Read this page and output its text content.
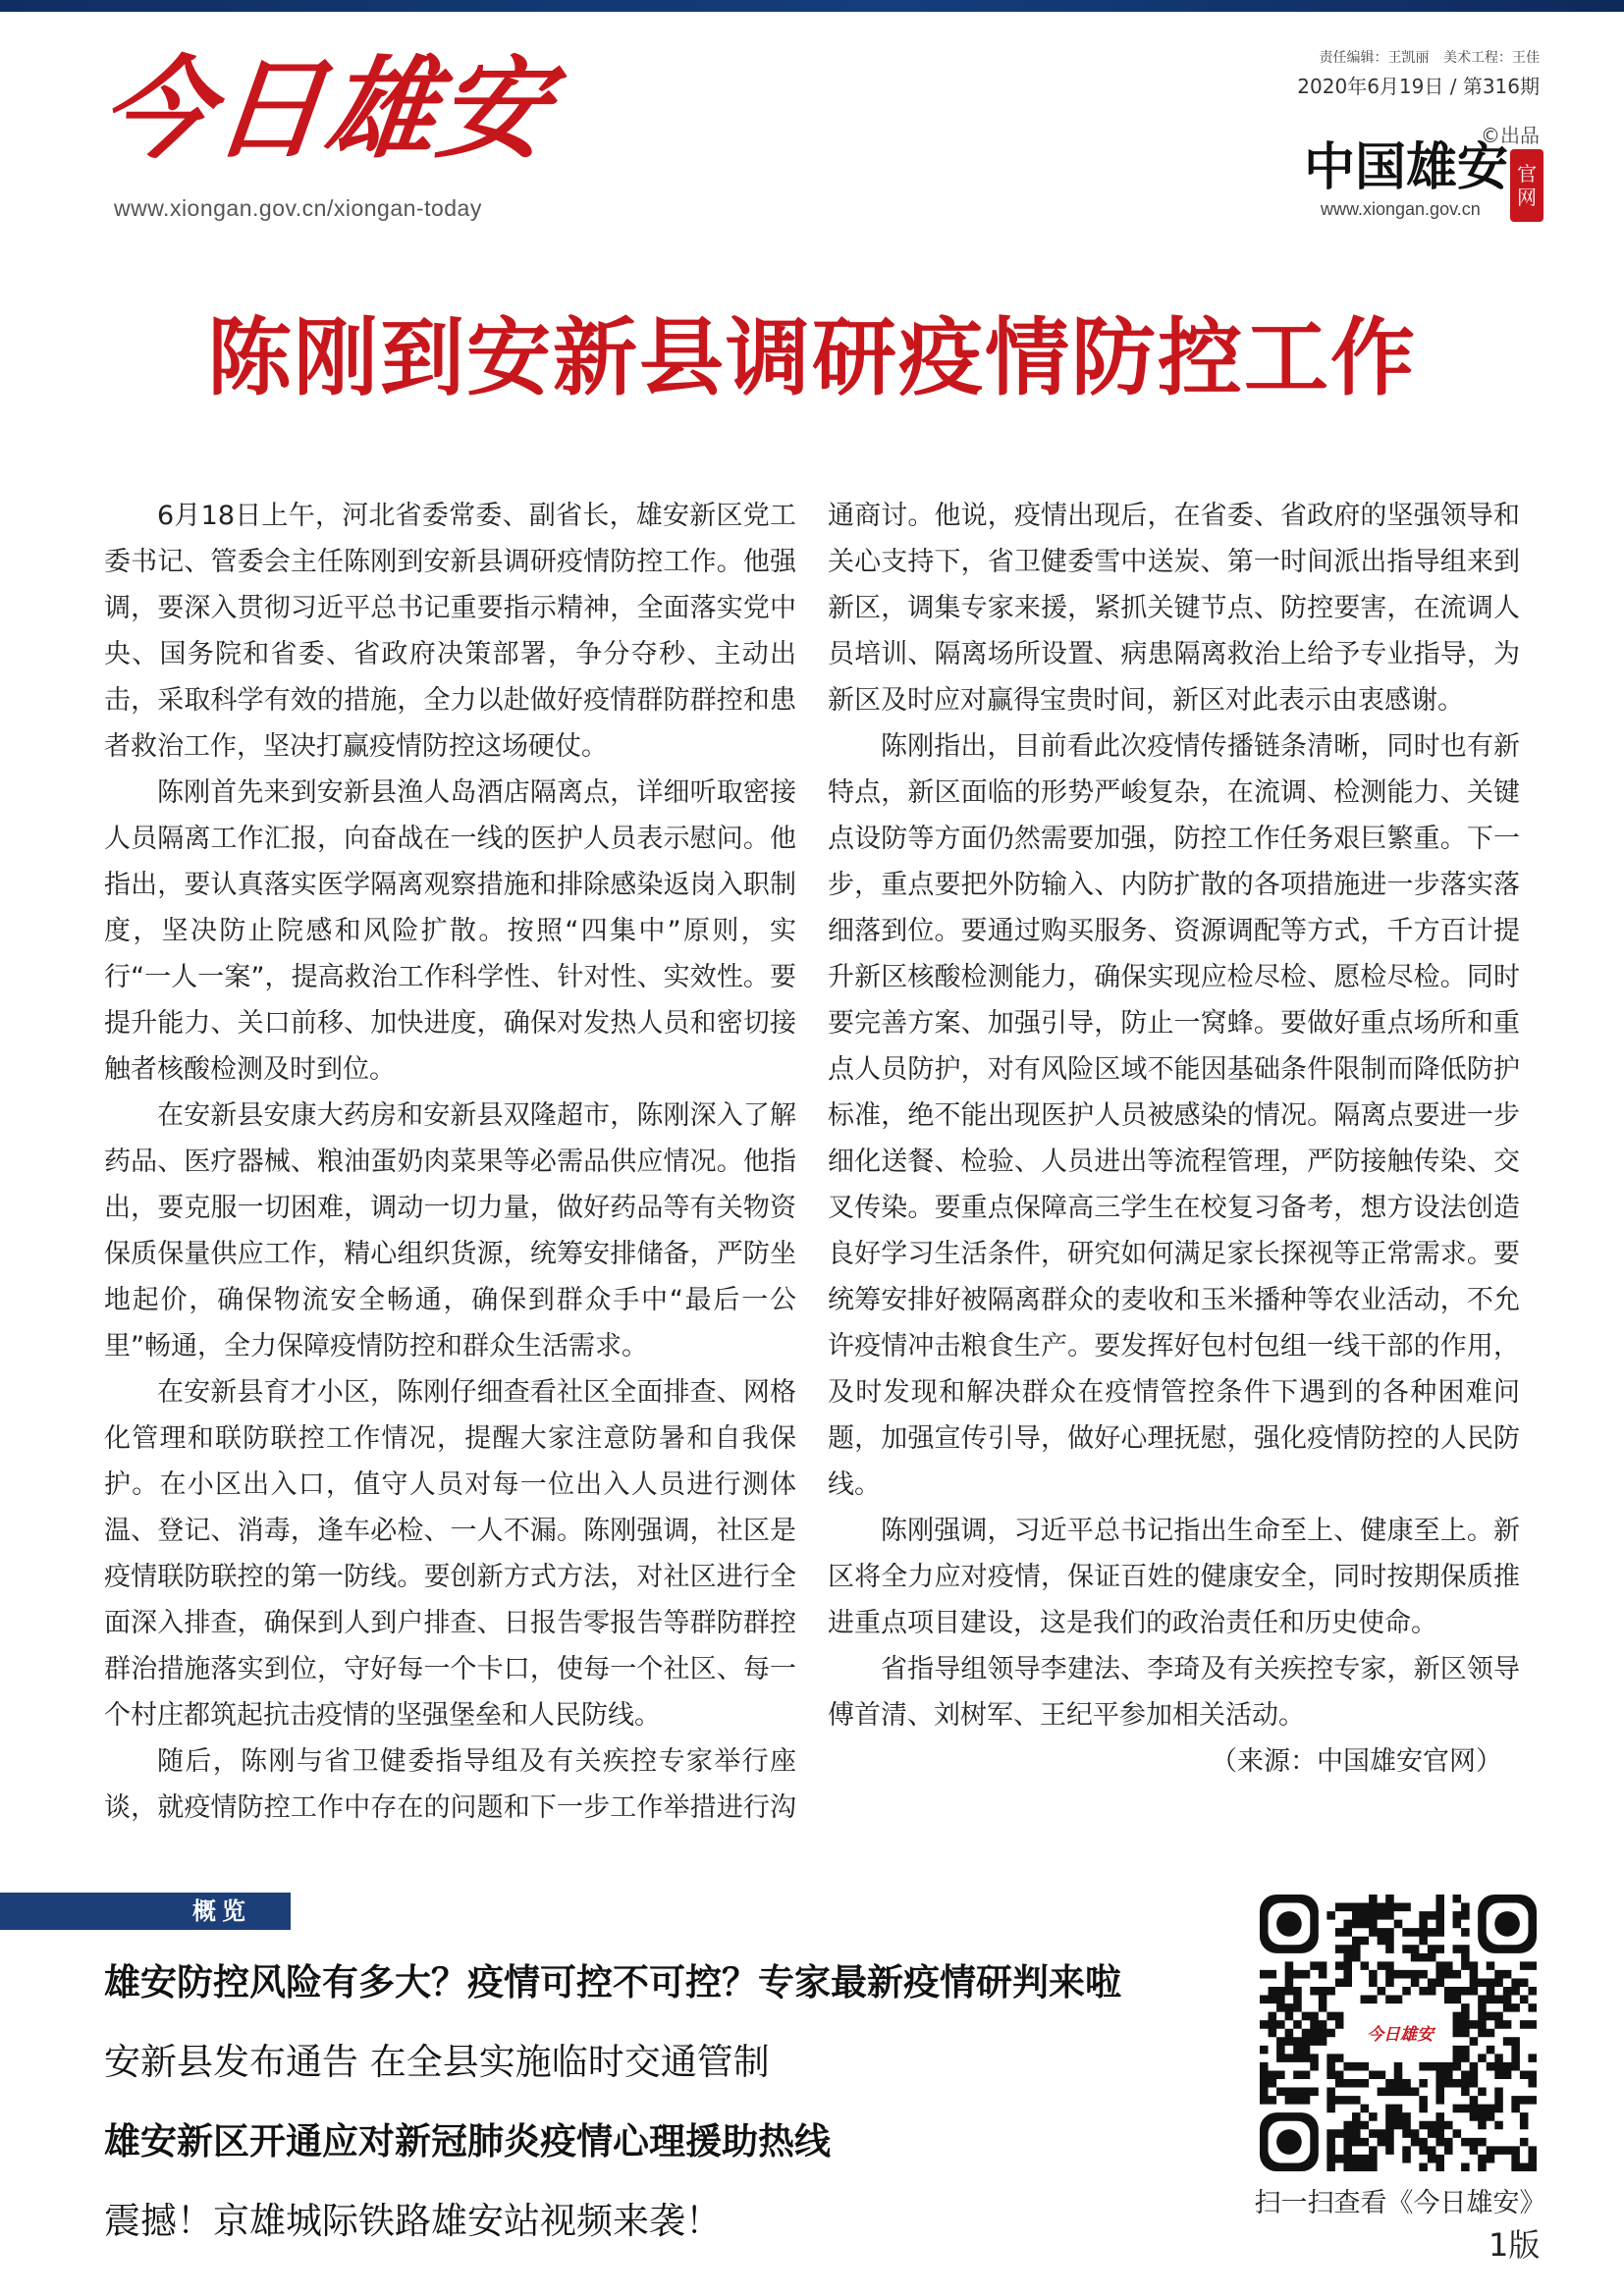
今日雄安
www.xiongan.gov.cn/xiongan-today
责任编辑：王凯丽 美术工程：王佳
2020年6月19日 / 第316期
©出品
中国雄安 官网
www.xiongan.gov.cn
陈刚到安新县调研疫情防控工作

6月18日上午，河北省委常委、副省长，雄安新区党工委书记、管委会主任陈刚到安新县调研疫情防控工作。他强调，要深入贯彻习近平总书记重要指示精神，全面落实党中央、国务院和省委、省政府决策部署，争分夺秒、主动出击，采取科学有效的措施，全力以赴做好疫情群防群控和患者救治工作，坚决打赢疫情防控这场硬仗。

陈刚首先来到安新县渔人岛酒店隔离点，详细听取密接人员隔离工作汇报，向奋战在一线的医护人员表示慰问。他指出，要认真落实医学隔离观察措施和排除感染返岗入职制度，坚决防止院感和风险扩散。按照“四集中”原则，实行“一人一案”，提高救治工作科学性、针对性、实效性。要提升能力、关口前移、加快进度，确保对发热人员和密切接触者核酸检测及时到位。

在安新县安康大药房和安新县双隆超市，陈刚深入了解药品、医疗器械、粮油蛋奶肉菜果等必需品供应情况。他指出，要克服一切困难，调动一切力量，做好药品等有关物资保质保量供应工作，精心组织货源，统筹安排储备，严防坐地起价，确保物流安全畅通，确保到群众手中“最后一公里”畅通，全力保障疫情防控和群众生活需求。

在安新县育才小区，陈刚仔细查看社区全面排查、网格化管理和联防联控工作情况，提醒大家注意防暑和自我保护。在小区出入口，值守人员对每一位出入人员进行测体温、登记、消毒，逢车必检、一人不漏。陈刚强调，社区是疫情联防联控的第一防线。要创新方式方法，对社区进行全面深入排查，确保到人到户排查、日报告零报告等群防群控群治措施落实到位，守好每一个卡口，使每一个社区、每一个村庄都筑起抗击疫情的坚强堡垒和人民防线。

随后，陈刚与省卫健委指导组及有关疾控专家举行座谈，就疫情防控工作中存在的问题和下一步工作举措进行沟通商讨。他说，疫情出现后，在省委、省政府的坚强领导和关心支持下，省卫健委雪中送炭、第一时间派出指导组来到新区，调集专家来援，紧抓关键节点、防控要害，在流调人员培训、隔离场所设置、病患隔离救治上给予专业指导，为新区及时应对赢得宝贵时间，新区对此表示由衷感谢。

陈刚指出，目前看此次疫情传播链条清晰，同时也有新特点，新区面临的形势严峻复杂，在流调、检测能力、关键点设防等方面仍然需要加强，防控工作任务艰巨繁重。下一步，重点要把外防输入、内防扩散的各项措施进一步落实落细落到位。要通过购买服务、资源调配等方式，千方百计提升新区核酸检测能力，确保实现应检尽检、愿检尽检。同时要完善方案、加强引导，防止一窝蜂。要做好重点场所和重点人员防护，对有风险区域不能因基础条件限制而降低防护标准，绝不能出现医护人员被感染的情况。隔离点要进一步细化送餐、检验、人员进出等流程管理，严防接触传染、交叉传染。要重点保障高三学生在校复习备考，想方设法创造良好学习生活条件，研究如何满足家长探视等正常需求。要统筹安排好被隔离群众的麦收和玉米播种等农业活动，不允许疫情冲击粮食生产。要发挥好包村包组一线干部的作用，及时发现和解决群众在疫情管控条件下遇到的各种困难问题，加强宣传引导，做好心理抚慰，强化疫情防控的人民防线。

陈刚强调，习近平总书记指出生命至上、健康至上。新区将全力应对疫情，保证百姓的健康安全，同时按期保质推进重点项目建设，这是我们的政治责任和历史使命。

省指导组领导李建法、李琦及有关疾控专家，新区领导傅首清、刘树军、王纪平参加相关活动。

（来源：中国雄安官网）

概览
雄安防控风险有多大？疫情可控不可控？专家最新疫情研判来啦
安新县发布通告 在全县实施临时交通管制
雄安新区开通应对新冠肺炎疫情心理援助热线
震撼！京雄城际铁路雄安站视频来袭！
今日雄安
扫一扫查看《今日雄安》
1版
